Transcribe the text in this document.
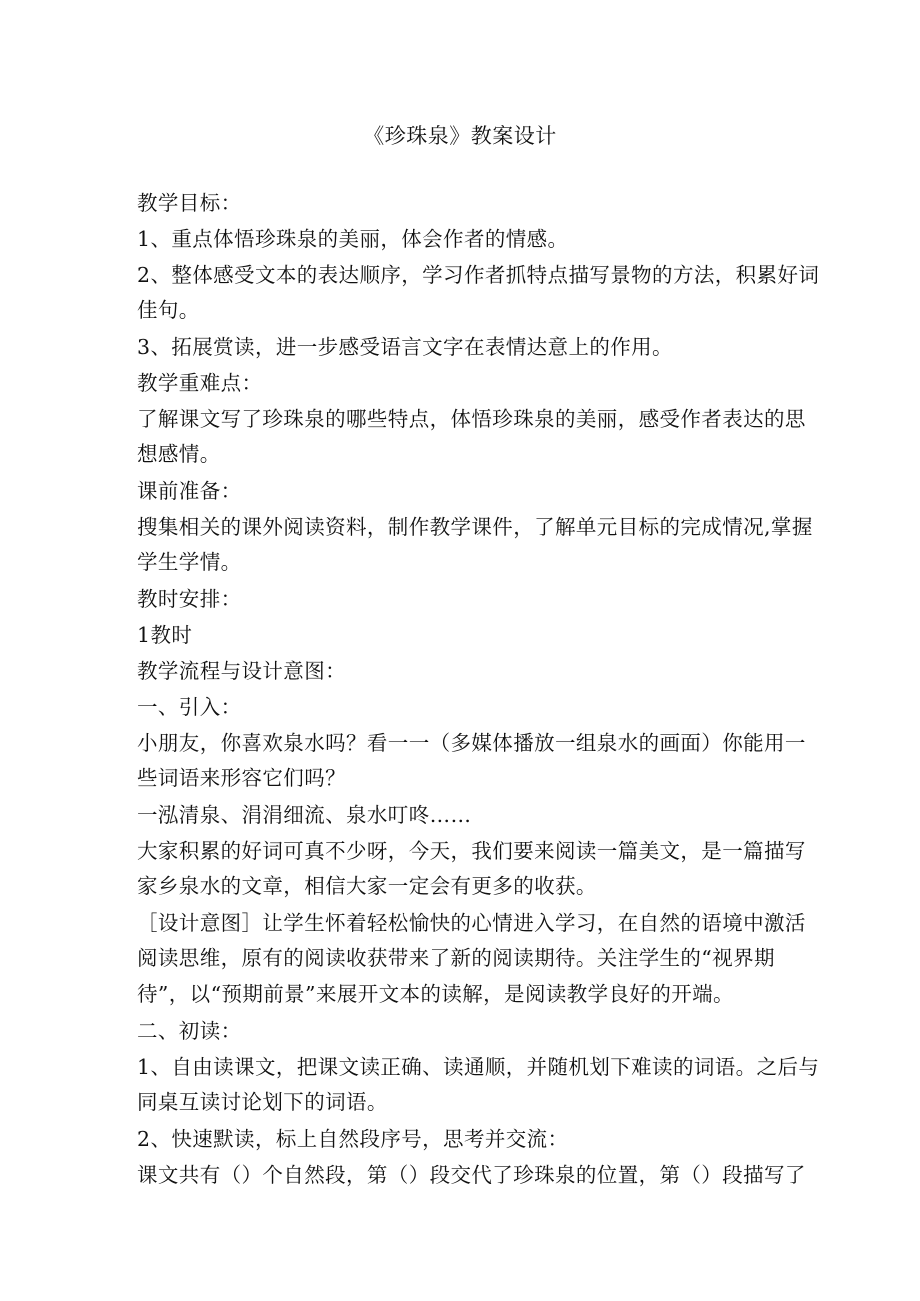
《珍珠泉》教案设计
教学目标：
1、重点体悟珍珠泉的美丽，体会作者的情感。
2、整体感受文本的表达顺序，学习作者抓特点描写景物的方法，积累好词
佳句。
3、拓展赏读，进一步感受语言文字在表情达意上的作用。
教学重难点：
了解课文写了珍珠泉的哪些特点，体悟珍珠泉的美丽，感受作者表达的思
想感情。
课前准备：
搜集相关的课外阅读资料，制作教学课件，了解单元目标的完成情况,掌握
学生学情。
教时安排：
1教时
教学流程与设计意图：
一、引入：
小朋友，你喜欢泉水吗？看一一（多媒体播放一组泉水的画面）你能用一
些词语来形容它们吗？
一泓清泉、涓涓细流、泉水叮咚……
大家积累的好词可真不少呀，今天，我们要来阅读一篇美文，是一篇描写
家乡泉水的文章，相信大家一定会有更多的收获。
［设计意图］让学生怀着轻松愉快的心情进入学习，在自然的语境中激活
阅读思维，原有的阅读收获带来了新的阅读期待。关注学生的“视界期
待”，以“预期前景”来展开文本的读解，是阅读教学良好的开端。
二、初读：
1、自由读课文，把课文读正确、读通顺，并随机划下难读的词语。之后与
同桌互读讨论划下的词语。
2、快速默读，标上自然段序号，思考并交流：
课文共有（）个自然段，第（）段交代了珍珠泉的位置，第（）段描写了
